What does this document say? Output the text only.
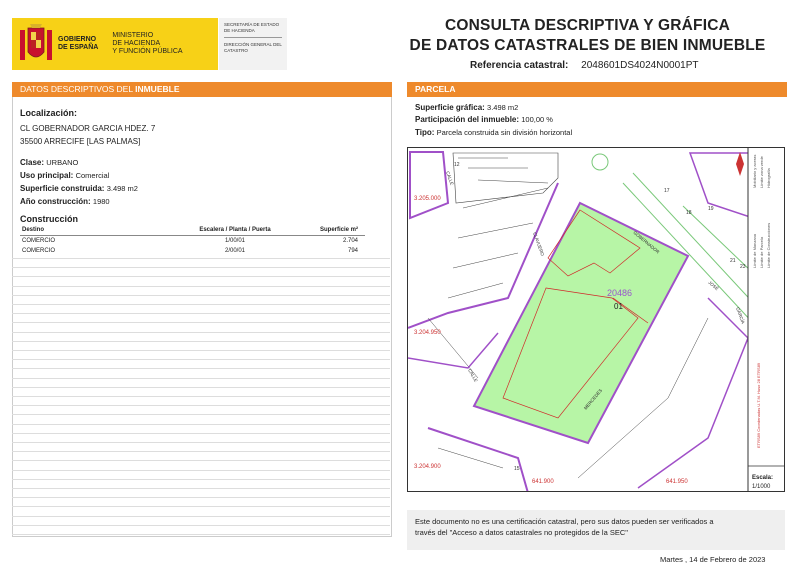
GOBIERNO
DE ESPAÑA
MINISTERIO
DE HACIENDA
Y FUNCIÓN PÚBLICA
SECRETARÍA DE ESTADO DE HACIENDA
DIRECCIÓN GENERAL DEL CATASTRO
CONSULTA DESCRIPTIVA Y GRÁFICA
DE DATOS CATASTRALES DE BIEN INMUEBLE
Referencia catastral: 2048601DS4024N0001PT
DATOS DESCRIPTIVOS DEL INMUEBLE
Localización:
CL GOBERNADOR GARCIA HDEZ. 7
35500 ARRECIFE [LAS PALMAS]
Clase: URBANO
Uso principal: Comercial
Superficie construida: 3.498 m2
Año construcción: 1980
Construcción
Destino	Escalera / Planta / Puerta	Superficie m²
COMERCIO	1/00/01	2.704
COMERCIO	2/00/01	794
PARCELA
Superficie gráfica: 3.498 m2
Participación del inmueble: 100,00 %
Tipo: Parcela construida sin división horizontal
3.205.000
3.204.950
3.204.900
641.900	641.950
20486
01
CALLE
CLAVIJERO	GOBERNADOR
MERCEDES
CALLE
JOSÉ
GARCÍA
12
18
21
23
17
19
15
Límite de Manzana Límite de Parcela Límite de Construcciones
Mobiliario y aceras Límite zona verde Hidrografía
ETRS89 Coordenadas U.T.M. Huso 28 ETRS89
Escala:
1/1000
Este documento no es una certificación catastral, pero sus datos pueden ser verificados a
través del "Acceso a datos catastrales no protegidos de la SEC"
Martes , 14 de Febrero de 2023
